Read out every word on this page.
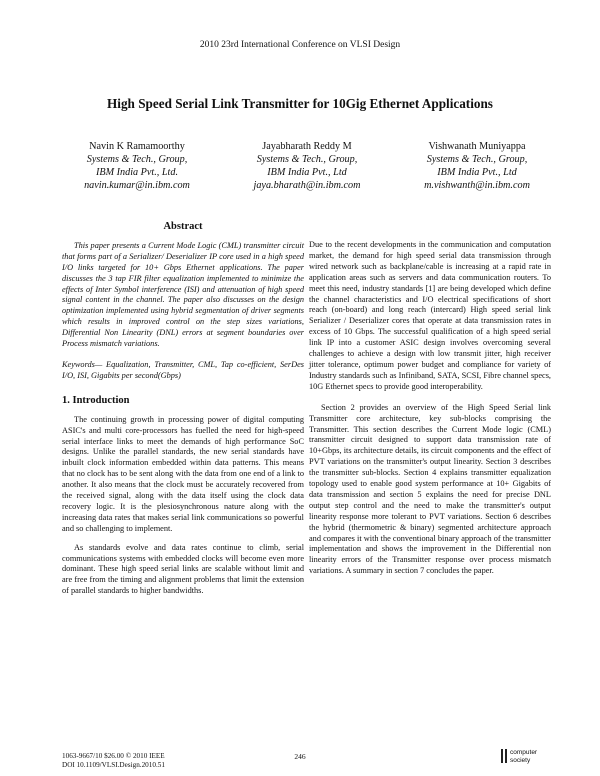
2010 23rd International Conference on VLSI Design
High Speed Serial Link Transmitter for 10Gig Ethernet Applications
Navin K Ramamoorthy
Systems & Tech., Group,
IBM India Pvt., Ltd.
navin.kumar@in.ibm.com
Jayabharath Reddy M
Systems & Tech., Group,
IBM India Pvt., Ltd
jaya.bharath@in.ibm.com
Vishwanath Muniyappa
Systems & Tech., Group,
IBM India Pvt., Ltd
m.vishwanth@in.ibm.com
Abstract

This paper presents a Current Mode Logic (CML) transmitter circuit that forms part of a Serializer/ Deserializer IP core used in a high speed I/O links targeted for 10+ Gbps Ethernet applications. The paper discusses the 3 tap FIR filter equalization implemented to minimize the effects of Inter Symbol interference (ISI) and attenuation of high speed signal content in the channel. The paper also discusses on the design optimization implemented using hybrid segmentation of driver segments which results in improved control on the step sizes variations, Differential Non Linearity (DNL) errors at segment boundaries over Process mismatch variations.

Keywords— Equalization, Transmitter, CML, Tap co-efficient, SerDes I/O, ISI, Gigabits per second(Gbps)

1. Introduction

The continuing growth in processing power of digital computing ASIC's and multi core-processors has fuelled the need for high-speed serial interface links to meet the demands of high performance SoC designs. Unlike the parallel standards, the new serial standards have inbuilt clock information embedded within data patterns. This means that no clock has to be sent along with the data from one end of a link to another. It also means that the clock must be accurately recovered from the received signal, along with the data itself using the clock data recovery logic. It is the plesiosynchronous nature along with the increasing data rates that makes serial link communications so powerful and so challenging to implement.

As standards evolve and data rates continue to climb, serial communications systems with embedded clocks will become even more dominant. These high speed serial links are scalable without limit and are free from the timing and alignment problems that limit the extension of parallel standards to higher bandwidths.

Due to the recent developments in the communication and computation market, the demand for high speed serial data transmission through wired network such as backplane/cable is increasing at a rapid rate in application areas such as servers and data communication routers. To meet this need, industry standards [1] are being developed which define the channel characteristics and I/O electrical specifications of short reach (on-board) and long reach (intercard) High speed serial link Serializer / Deserializer cores that operate at data transmission rates in excess of 10 Gbps. The successful qualification of a high speed serial link IP into a customer ASIC design involves overcoming several challenges to achieve a design with low transmit jitter, high receiver jitter tolerance, optimum power budget and compliance for variety of Industry standards such as Infiniband, SATA, SCSI, Fibre channel specs, 10G Ethernet specs to provide good interoperability.

Section 2 provides an overview of the High Speed Serial link Transmitter core architecture, key sub-blocks comprising the Transmitter. This section describes the Current Mode logic (CML) transmitter circuit designed to support data transmission rate of 10+Gbps, its architecture details, its circuit components and the effect of PVT variations on the transmitter's output linearity. Section 3 describes the transmitter sub-blocks. Section 4 explains transmitter equalization topology used to enable good system performance at 10+ Gigabits of data transmission and section 5 explains the need for precise DNL output step control and the need to make the transmitter's output linearity response more tolerant to PVT variations. Section 6 describes the hybrid (thermometric & binary) segmented architecture approach and compares it with the conventional binary approach of the transmitter implementation and shows the improvement in the Differential non linearity errors of the Transmitter response over process mismatch variations. A summary in section 7 concludes the paper.

1063-9667/10 $26.00 © 2010 IEEE
DOI 10.1109/VLSI.Design.2010.51
246	computer
society
